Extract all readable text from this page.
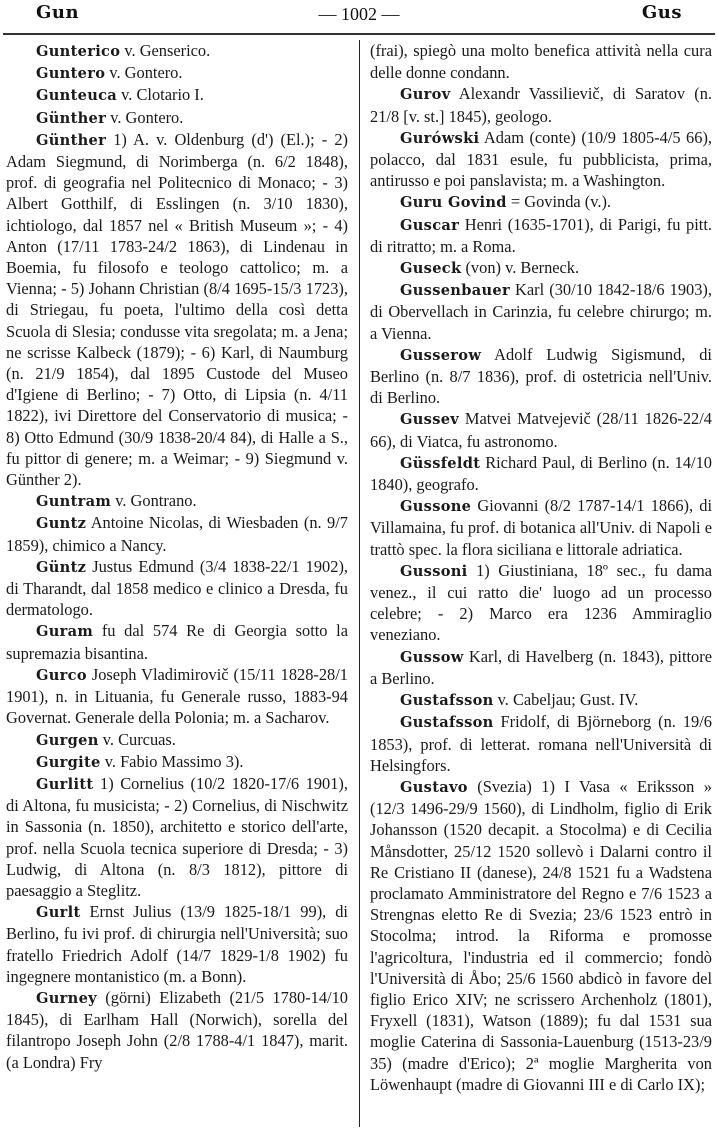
Gun	— 1002 —	Gus

Gunterico v. Genserico.

Guntero v. Gontero.

Gunteuca v. Clotario I.

Günther v. Gontero.

Günther 1) A. v. Oldenburg (d') (El.); - 2) Adam Siegmund, di Norimberga (n. 6/2 1848), prof. di geografia nel Politecnico di Monaco; - 3) Albert Gotthilf, di Esslingen (n. 3/10 1830), ichtiologo, dal 1857 nel « British Museum »; - 4) Anton (17/11 1783-24/2 1863), di Lindenau in Boemia, fu filosofo e teologo cattolico; m. a Vienna; - 5) Johann Christian (8/4 1695-15/3 1723), di Striegau, fu poeta, l'ultimo della così detta Scuola di Slesia; condusse vita sregolata; m. a Jena; ne scrisse Kalbeck (1879); - 6) Karl, di Naumburg (n. 21/9 1854), dal 1895 Custode del Museo d'Igiene di Berlino; - 7) Otto, di Lipsia (n. 4/11 1822), ivi Direttore del Conservatorio di musica; - 8) Otto Edmund (30/9 1838-20/4 84), di Halle a S., fu pittor di genere; m. a Weimar; - 9) Siegmund v. Günther 2).

Guntram v. Gontrano.

Guntz Antoine Nicolas, di Wiesbaden (n. 9/7 1859), chimico a Nancy.

Güntz Justus Edmund (3/4 1838-22/1 1902), di Tharandt, dal 1858 medico e clinico a Dresda, fu dermatologo.

Guram fu dal 574 Re di Georgia sotto la supremazia bisantina.

Gurco Joseph Vladimirovič (15/11 1828-28/1 1901), n. in Lituania, fu Generale russo, 1883-94 Governat. Generale della Polonia; m. a Sacharov.

Gurgen v. Curcuas.

Gurgite v. Fabio Massimo 3).

Gurlitt 1) Cornelius (10/2 1820-17/6 1901), di Altona, fu musicista; - 2) Cornelius, di Nischwitz in Sassonia (n. 1850), architetto e storico dell'arte, prof. nella Scuola tecnica superiore di Dresda; - 3) Ludwig, di Altona (n. 8/3 1812), pittore di paesaggio a Steglitz.

Gurlt Ernst Julius (13/9 1825-18/1 99), di Berlino, fu ivi prof. di chirurgia nell'Università; suo fratello Friedrich Adolf (14/7 1829-1/8 1902) fu ingegnere montanistico (m. a Bonn).

Gurney (görni) Elizabeth (21/5 1780-14/10 1845), di Earlham Hall (Norwich), sorella del filantropo Joseph John (2/8 1788-4/1 1847), marit. (a Londra) Fry

(frai), spiegò una molto benefica attività nella cura delle donne condann.

Gurov Alexandr Vassilievič, di Saratov (n. 21/8 [v. st.] 1845), geologo.

Gurówski Adam (conte) (10/9 1805-4/5 66), polacco, dal 1831 esule, fu pubblicista, prima, antirusso e poi panslavista; m. a Washington.

Guru Govind = Govinda (v.).

Guscar Henri (1635-1701), di Parigi, fu pitt. di ritratto; m. a Roma.

Guseck (von) v. Berneck.

Gussenbauer Karl (30/10 1842-18/6 1903), di Obervellach in Carinzia, fu celebre chirurgo; m. a Vienna.

Gusserow Adolf Ludwig Sigismund, di Berlino (n. 8/7 1836), prof. di ostetricia nell'Univ. di Berlino.

Gussev Matvei Matvejevič (28/11 1826-22/4 66), di Viatca, fu astronomo.

Güssfeldt Richard Paul, di Berlino (n. 14/10 1840), geografo.

Gussone Giovanni (8/2 1787-14/1 1866), di Villamaina, fu prof. di botanica all'Univ. di Napoli e trattò spec. la flora siciliana e littorale adriatica.

Gussoni 1) Giustiniana, 18º sec., fu dama venez., il cui ratto die' luogo ad un processo celebre; - 2) Marco era 1236 Ammiraglio veneziano.

Gussow Karl, di Havelberg (n. 1843), pittore a Berlino.

Gustafsson v. Cabeljau; Gust. IV.

Gustafsson Fridolf, di Björneborg (n. 19/6 1853), prof. di letterat. romana nell'Università di Helsingfors.

Gustavo (Svezia) 1) I Vasa « Eriksson » (12/3 1496-29/9 1560), di Lindholm, figlio di Erik Johansson (1520 decapit. a Stocolma) e di Cecilia Månsdotter, 25/12 1520 sollevò i Dalarni contro il Re Cristiano II (danese), 24/8 1521 fu a Wadstena proclamato Amministratore del Regno e 7/6 1523 a Strengnas eletto Re di Svezia; 23/6 1523 entrò in Stocolma; introd. la Riforma e promosse l'agricoltura, l'industria ed il commercio; fondò l'Università di Åbo; 25/6 1560 abdicò in favore del figlio Erico XIV; ne scrissero Archenholz (1801), Fryxell (1831), Watson (1889); fu dal 1531 sua moglie Caterina di Sassonia-Lauenburg (1513-23/9 35) (madre d'Erico); 2ª moglie Margherita von Löwenhaupt (madre di Giovanni III e di Carlo IX);
